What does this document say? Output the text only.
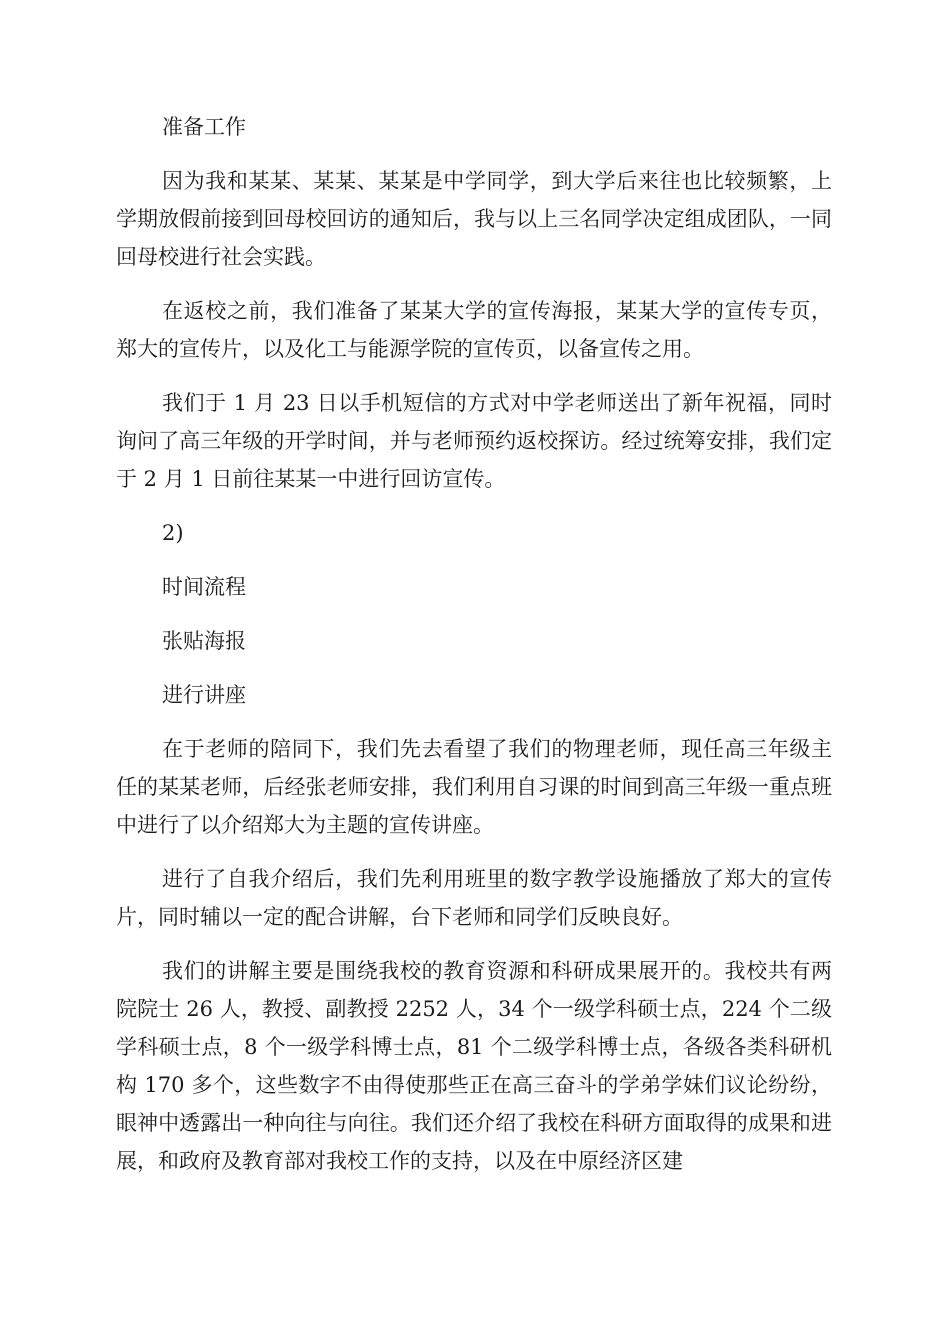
准备工作

因为我和某某、某某、某某是中学同学，到大学后来往也比较频繁，上学期放假前接到回母校回访的通知后，我与以上三名同学决定组成团队，一同回母校进行社会实践。

在返校之前，我们准备了某某大学的宣传海报，某某大学的宣传专页，郑大的宣传片，以及化工与能源学院的宣传页，以备宣传之用。

我们于 1 月 23 日以手机短信的方式对中学老师送出了新年祝福，同时询问了高三年级的开学时间，并与老师预约返校探访。经过统筹安排，我们定于 2 月 1 日前往某某一中进行回访宣传。

2)

时间流程

张贴海报

进行讲座

在于老师的陪同下，我们先去看望了我们的物理老师，现任高三年级主任的某某老师，后经张老师安排，我们利用自习课的时间到高三年级一重点班中进行了以介绍郑大为主题的宣传讲座。

进行了自我介绍后，我们先利用班里的数字教学设施播放了郑大的宣传片，同时辅以一定的配合讲解，台下老师和同学们反映良好。

我们的讲解主要是围绕我校的教育资源和科研成果展开的。我校共有两院院士 26 人，教授、副教授 2252 人，34 个一级学科硕士点，224 个二级学科硕士点，8 个一级学科博士点，81 个二级学科博士点，各级各类科研机构 170 多个，这些数字不由得使那些正在高三奋斗的学弟学妹们议论纷纷，眼神中透露出一种向往与向往。我们还介绍了我校在科研方面取得的成果和进展，和政府及教育部对我校工作的支持，以及在中原经济区建
